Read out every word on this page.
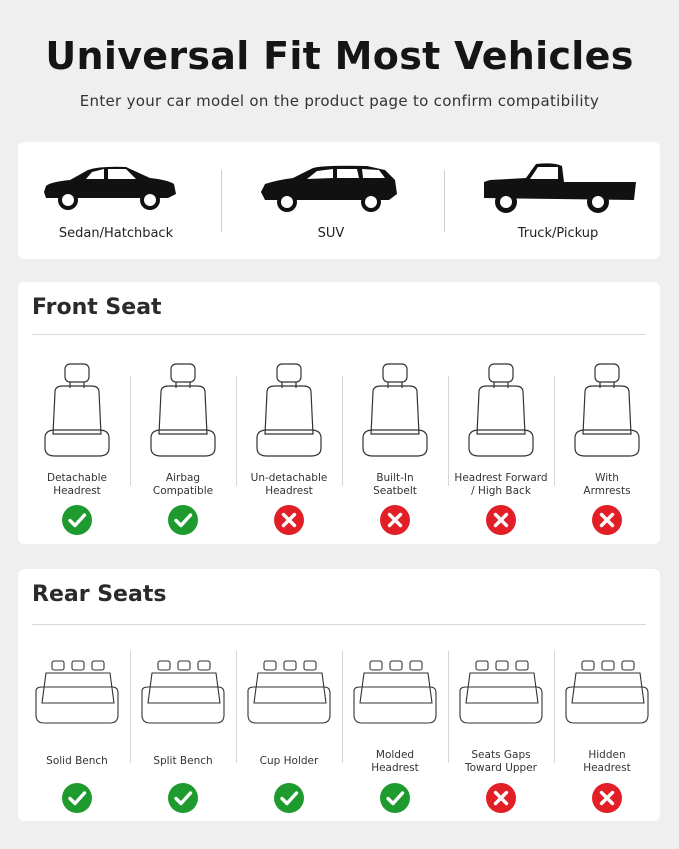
Universal Fit Most Vehicles
Enter your car model on the product page to confirm compatibility
Sedan/Hatchback	SUV	Truck/Pickup
Front Seat
Detachable
Headrest
Airbag
Compatible
Un-detachable
Headrest
Built-In
Seatbelt
Headrest Forward
/ High Back
With
Armrests
Rear Seats
Solid Bench	Split Bench	Cup Holder	Molded
Headrest
Seats Gaps
Toward Upper
Hidden
Headrest
